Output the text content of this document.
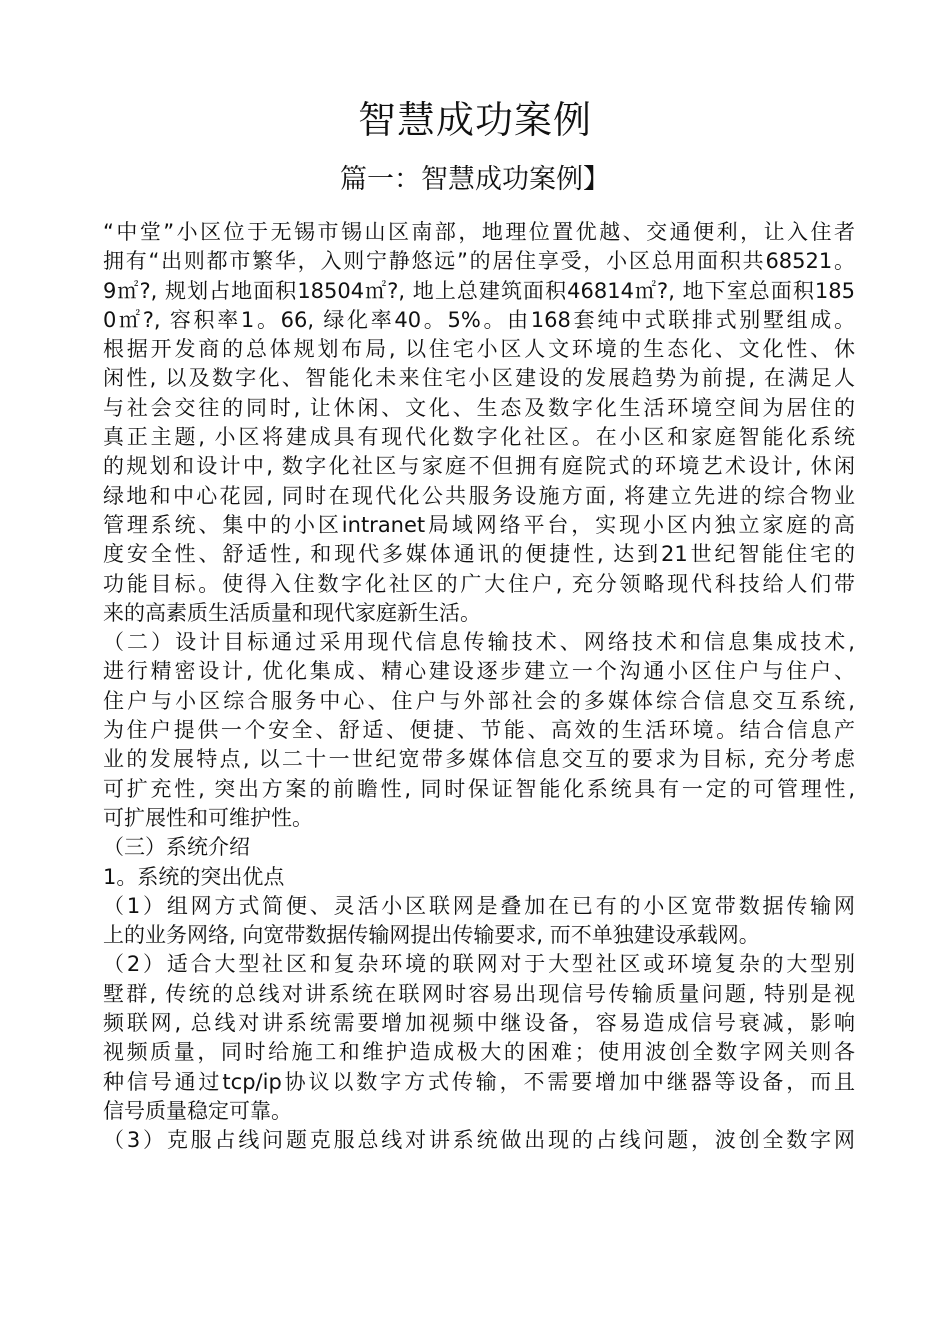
智慧成功案例
篇一：智慧成功案例】
“中堂”小区位于无锡市锡山区南部，地理位置优越、交通便利，让入住者
拥有“出则都市繁华，入则宁静悠远”的居住享受，小区总用面积共68521。
9㎡?, 规划占地面积18504㎡?, 地上总建筑面积46814㎡?, 地下室总面积185
0㎡?, 容积率1。66, 绿化率40。5%。由168套纯中式联排式别墅组成。
根据开发商的总体规划布局, 以住宅小区人文环境的生态化、文化性、休
闲性, 以及数字化、智能化未来住宅小区建设的发展趋势为前提, 在满足人
与社会交往的同时, 让休闲、文化、生态及数字化生活环境空间为居住的
真正主题, 小区将建成具有现代化数字化社区。在小区和家庭智能化系统
的规划和设计中, 数字化社区与家庭不但拥有庭院式的环境艺术设计, 休闲
绿地和中心花园, 同时在现代化公共服务设施方面, 将建立先进的综合物业
管理系统、集中的小区intranet局域网络平台，实现小区内独立家庭的高
度安全性、舒适性, 和现代多媒体通讯的便捷性, 达到21世纪智能住宅的
功能目标。使得入住数字化社区的广大住户, 充分领略现代科技给人们带
来的高素质生活质量和现代家庭新生活。
（二）设计目标通过采用现代信息传输技术、网络技术和信息集成技术,
进行精密设计, 优化集成、精心建设逐步建立一个沟通小区住户与住户、
住户与小区综合服务中心、住户与外部社会的多媒体综合信息交互系统,
为住户提供一个安全、舒适、便捷、节能、高效的生活环境。结合信息产
业的发展特点, 以二十一世纪宽带多媒体信息交互的要求为目标, 充分考虑
可扩充性, 突出方案的前瞻性, 同时保证智能化系统具有一定的可管理性,
可扩展性和可维护性。
（三）系统介绍
1。系统的突出优点
（1）组网方式简便、灵活小区联网是叠加在已有的小区宽带数据传输网
上的业务网络, 向宽带数据传输网提出传输要求, 而不单独建设承载网。
（2）适合大型社区和复杂环境的联网对于大型社区或环境复杂的大型别
墅群, 传统的总线对讲系统在联网时容易出现信号传输质量问题, 特别是视
频联网, 总线对讲系统需要增加视频中继设备，容易造成信号衰减，影响
视频质量，同时给施工和维护造成极大的困难；使用波创全数字网关则各
种信号通过tcp/ip协议以数字方式传输，不需要增加中继器等设备，而且
信号质量稳定可靠。
（3）克服占线问题克服总线对讲系统做出现的占线问题，波创全数字网
